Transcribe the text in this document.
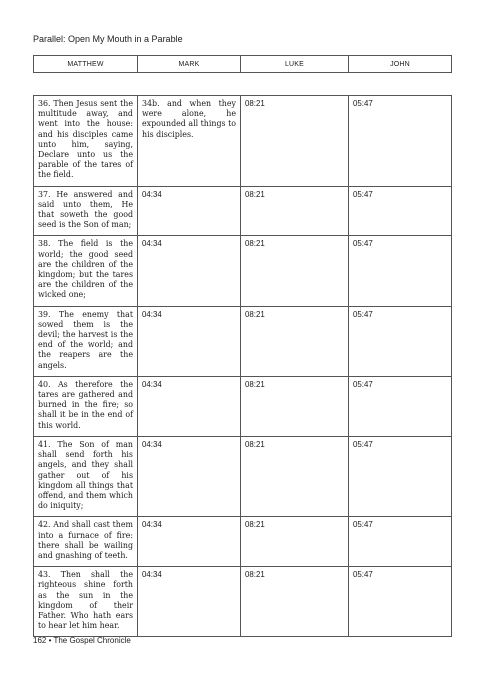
Parallel: Open My Mouth in a Parable
MATTHEW	MARK	LUKE	JOHN

36. Then Jesus sent the multitude away, and went into the house: and his disciples came unto him, saying, Declare unto us the parable of the tares of the field.	34b. and when they were alone, he expounded all things to his disciples.	08:21	05:47
37. He answered and said unto them, He that soweth the good seed is the Son of man;	04:34	08:21	05:47
38. The field is the world; the good seed are the children of the kingdom; but the tares are the children of the wicked one;	04:34	08:21	05:47
39. The enemy that sowed them is the devil; the harvest is the end of the world; and the reapers are the angels.	04:34	08:21	05:47
40. As therefore the tares are gathered and burned in the fire; so shall it be in the end of this world.	04:34	08:21	05:47
41. The Son of man shall send forth his angels, and they shall gather out of his kingdom all things that offend, and them which do iniquity;	04:34	08:21	05:47
42. And shall cast them into a furnace of fire: there shall be wailing and gnashing of teeth.	04:34	08:21	05:47
43. Then shall the righteous shine forth as the sun in the kingdom of their Father. Who hath ears to hear let him hear.	04:34	08:21	05:47
162 • The Gospel Chronicle
